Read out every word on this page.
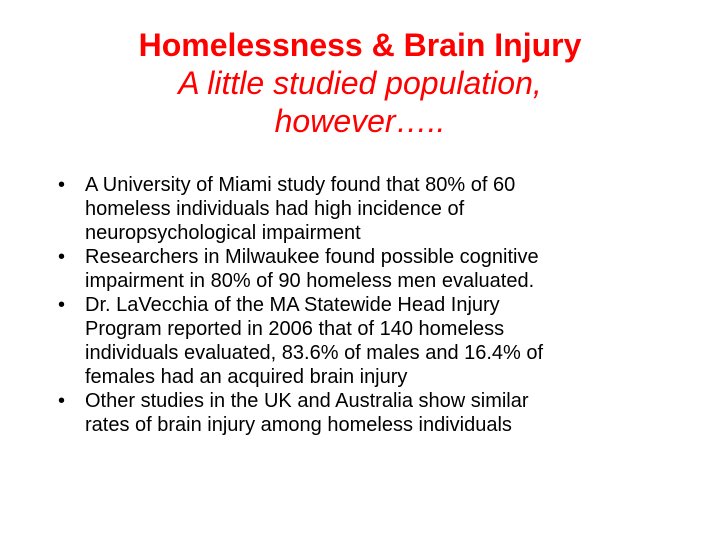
Homelessness & Brain Injury
A little studied population,
however…..
• A University of Miami study found that 80% of 60
homeless individuals had high incidence of
neuropsychological impairment
• Researchers in Milwaukee found possible cognitive
impairment in 80% of 90 homeless men evaluated.
• Dr. LaVecchia of the MA Statewide Head Injury
Program reported in 2006 that of 140 homeless
individuals evaluated, 83.6% of males and 16.4% of
females had an acquired brain injury
• Other studies in the UK and Australia show similar
rates of brain injury among homeless individuals
